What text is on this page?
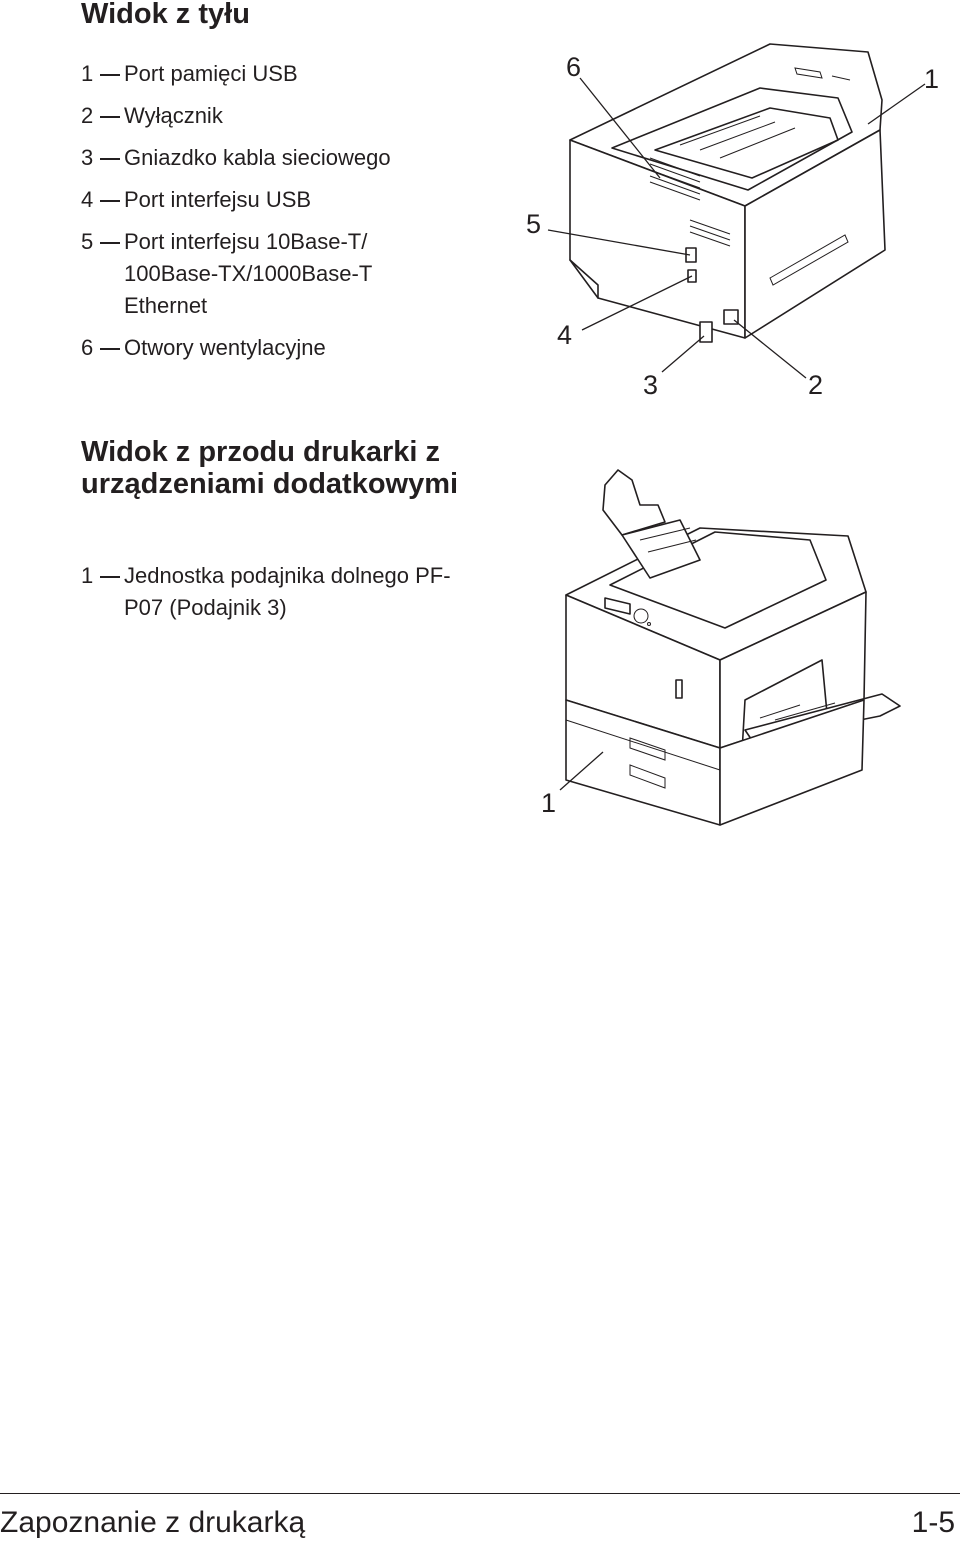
Widok z tyłu
1 Port pamięci USB
2 Wyłącznik
3 Gniazdko kabla sieciowego
4 Port interfejsu USB
5 Port interfejsu 10Base-T/ 100Base-TX/1000Base-T Ethernet
6 Otwory wentylacyjne
6	1
5
4
3	2
Widok z przodu drukarki z urządzeniami dodatkowymi
1 Jednostka podajnika dolnego PF-P07 (Podajnik 3)
1
Zapoznanie z drukarką	1-5
